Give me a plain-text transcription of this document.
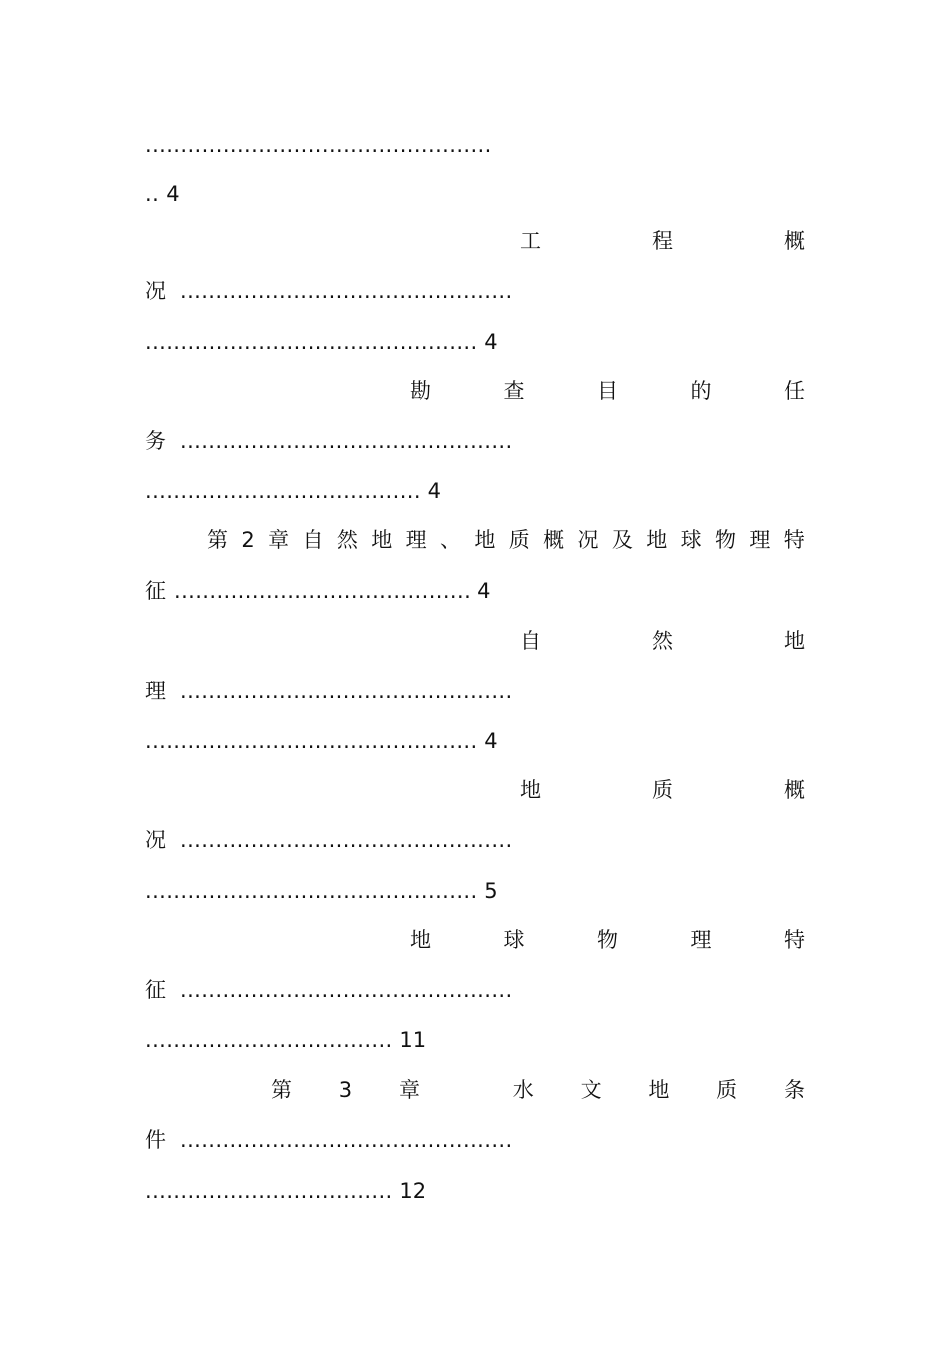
.................................................
.. 4
工	程	概
况 ...............................................
............................................... 4
勘	查	目	的	任
务 ...............................................
....................................... 4
第 2 章 自 然 地 理 、 地 质 概 况 及 地 球 物 理 特
征 .......................................... 4
自	然	地
理 ...............................................
............................................... 4
地	质	概
况 ...............................................
............................................... 5
地	球	物	理	特
征 ...............................................
................................... 11
第 3 章	水 文 地 质 条
件 ...............................................
................................... 12
